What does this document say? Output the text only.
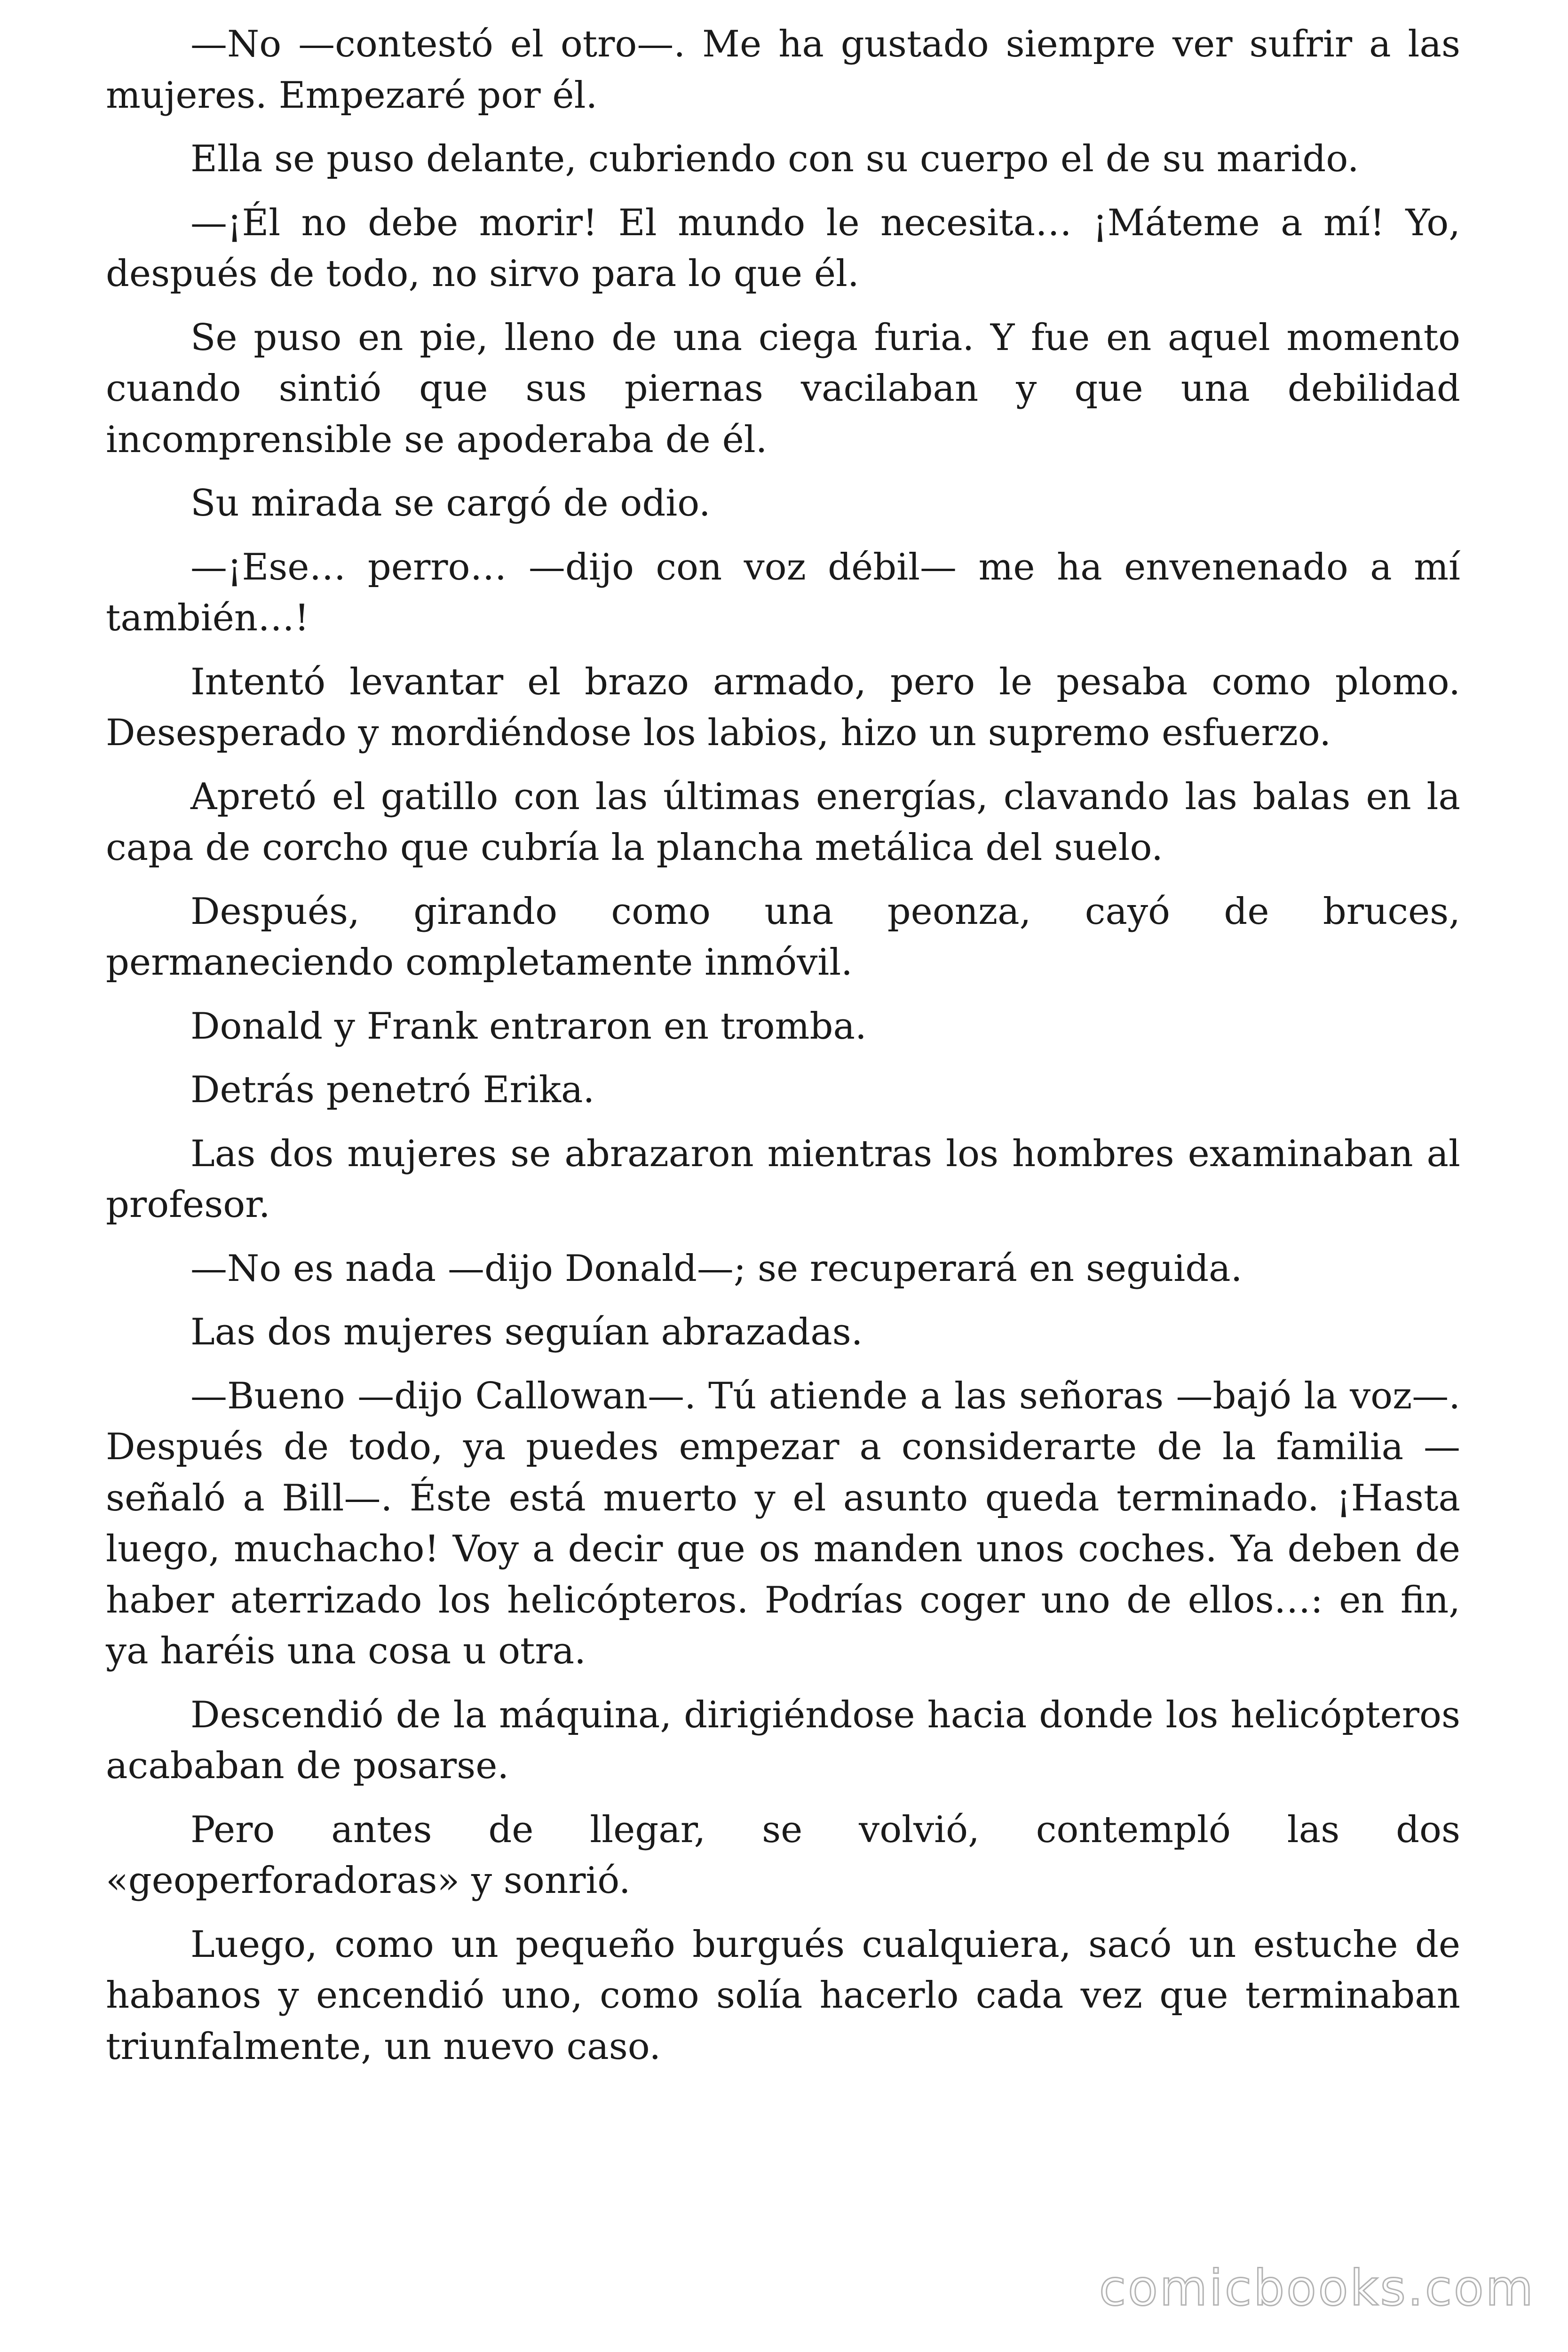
—No —contestó el otro—. Me ha gustado siempre ver sufrir a las mujeres. Empezaré por él.

Ella se puso delante, cubriendo con su cuerpo el de su marido.

—¡Él no debe morir! El mundo le necesita… ¡Máteme a mí! Yo, después de todo, no sirvo para lo que él.

Se puso en pie, lleno de una ciega furia. Y fue en aquel momento cuando sintió que sus piernas vacilaban y que una debilidad incomprensible se apoderaba de él.

Su mirada se cargó de odio.

—¡Ese… perro… —dijo con voz débil— me ha envenenado a mí también…!

Intentó levantar el brazo armado, pero le pesaba como plomo. Desesperado y mordiéndose los labios, hizo un supremo esfuerzo.

Apretó el gatillo con las últimas energías, clavando las balas en la capa de corcho que cubría la plancha metálica del suelo.

Después, girando como una peonza, cayó de bruces, permaneciendo completamente inmóvil.

Donald y Frank entraron en tromba.

Detrás penetró Erika.

Las dos mujeres se abrazaron mientras los hombres examinaban al profesor.

—No es nada —dijo Donald—; se recuperará en seguida.

Las dos mujeres seguían abrazadas.

—Bueno —dijo Callowan—. Tú atiende a las señoras —bajó la voz—. Después de todo, ya puedes empezar a considerarte de la familia —señaló a Bill—. Éste está muerto y el asunto queda terminado. ¡Hasta luego, muchacho! Voy a decir que os manden unos coches. Ya deben de haber aterrizado los helicópteros. Podrías coger uno de ellos…: en fin, ya haréis una cosa u otra.

Descendió de la máquina, dirigiéndose hacia donde los helicópteros acababan de posarse.

Pero antes de llegar, se volvió, contempló las dos «geoperforadoras» y sonrió.

Luego, como un pequeño burgués cualquiera, sacó un estuche de habanos y encendió uno, como solía hacerlo cada vez que terminaban triunfalmente, un nuevo caso.

comicbooks.com
